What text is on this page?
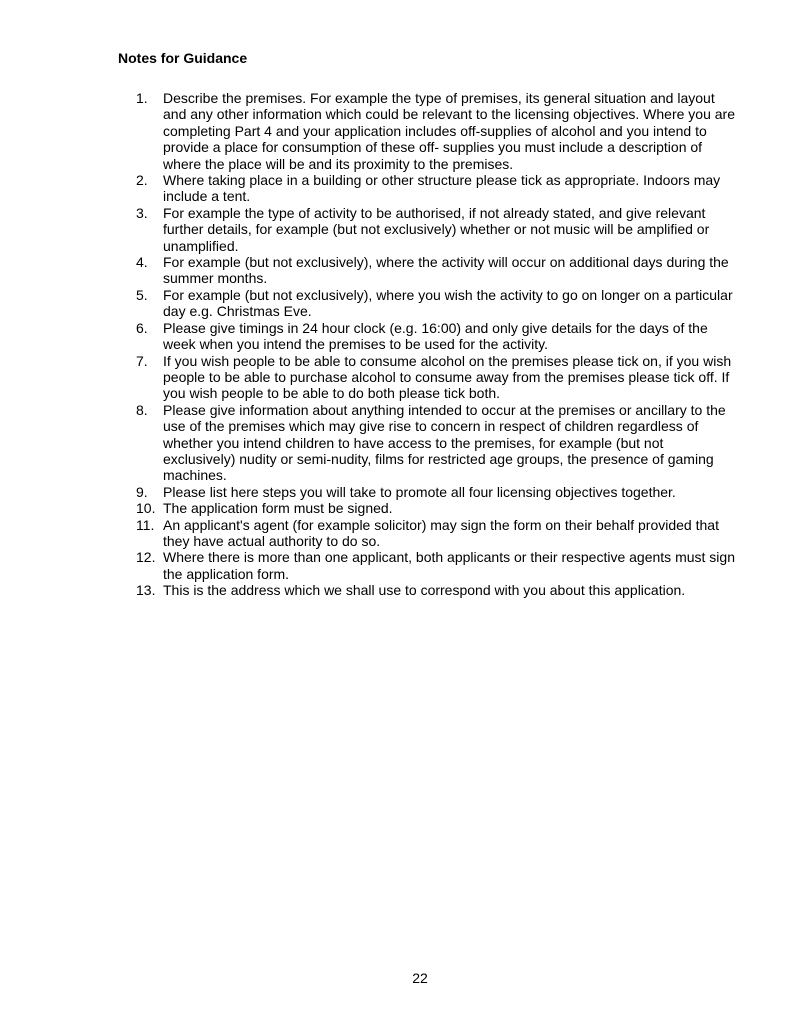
Notes for Guidance
1.	Describe the premises. For example the type of premises, its general situation and layout and any other information which could be relevant to the licensing objectives. Where you are completing Part 4 and your application includes off-supplies of alcohol and you intend to provide a place for consumption of these off- supplies you must include a description of where the place will be and its proximity to the premises.
2.	Where taking place in a building or other structure please tick as appropriate. Indoors may include a tent.
3.	For example the type of activity to be authorised, if not already stated, and give relevant further details, for example (but not exclusively) whether or not music will be amplified or unamplified.
4.	For example (but not exclusively), where the activity will occur on additional days during the summer months.
5.	For example (but not exclusively), where you wish the activity to go on longer on a particular day e.g. Christmas Eve.
6.	Please give timings in 24 hour clock (e.g. 16:00) and only give details for the days of the week when you intend the premises to be used for the activity.
7.	If you wish people to be able to consume alcohol on the premises please tick on, if you wish people to be able to purchase alcohol to consume away from the premises please tick off. If you wish people to be able to do both please tick both.
8.	Please give information about anything intended to occur at the premises or ancillary to the use of the premises which may give rise to concern in respect of children regardless of whether you intend children to have access to the premises, for example (but not exclusively) nudity or semi-nudity, films for restricted age groups, the presence of gaming machines.
9.	Please list here steps you will take to promote all four licensing objectives together.
10. The application form must be signed.
11. An applicant's agent (for example solicitor) may sign the form on their behalf provided that they have actual authority to do so.
12. Where there is more than one applicant, both applicants or their respective agents must sign the application form.
13. This is the address which we shall use to correspond with you about this application.
22
